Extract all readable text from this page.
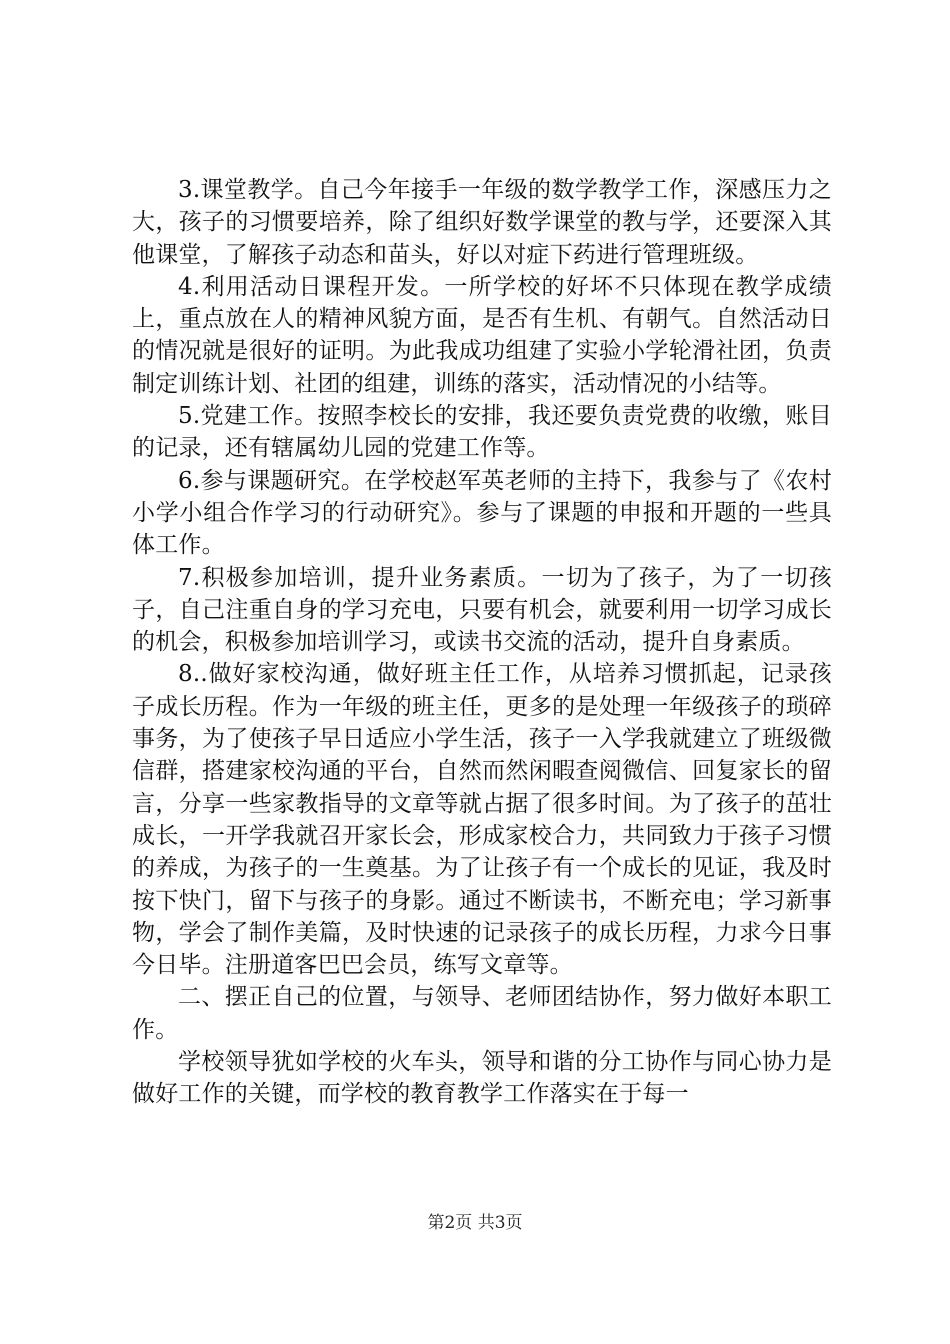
3.课堂教学。自己今年接手一年级的数学教学工作，深感压力之大，孩子的习惯要培养，除了组织好数学课堂的教与学，还要深入其他课堂，了解孩子动态和苗头，好以对症下药进行管理班级。

4.利用活动日课程开发。一所学校的好坏不只体现在教学成绩上，重点放在人的精神风貌方面，是否有生机、有朝气。自然活动日的情况就是很好的证明。为此我成功组建了实验小学轮滑社团，负责制定训练计划、社团的组建，训练的落实，活动情况的小结等。

5.党建工作。按照李校长的安排，我还要负责党费的收缴，账目的记录，还有辖属幼儿园的党建工作等。

6.参与课题研究。在学校赵军英老师的主持下，我参与了《农村小学小组合作学习的行动研究》。参与了课题的申报和开题的一些具体工作。

7.积极参加培训，提升业务素质。一切为了孩子，为了一切孩子，自己注重自身的学习充电，只要有机会，就要利用一切学习成长的机会，积极参加培训学习，或读书交流的活动，提升自身素质。

8..做好家校沟通，做好班主任工作，从培养习惯抓起，记录孩子成长历程。作为一年级的班主任，更多的是处理一年级孩子的琐碎事务，为了使孩子早日适应小学生活，孩子一入学我就建立了班级微信群，搭建家校沟通的平台，自然而然闲暇查阅微信、回复家长的留言，分享一些家教指导的文章等就占据了很多时间。为了孩子的茁壮成长，一开学我就召开家长会，形成家校合力，共同致力于孩子习惯的养成，为孩子的一生奠基。为了让孩子有一个成长的见证，我及时按下快门，留下与孩子的身影。通过不断读书，不断充电；学习新事物，学会了制作美篇，及时快速的记录孩子的成长历程，力求今日事今日毕。注册道客巴巴会员，练写文章等。

二、摆正自己的位置，与领导、老师团结协作，努力做好本职工作。

学校领导犹如学校的火车头，领导和谐的分工协作与同心协力是做好工作的关键，而学校的教育教学工作落实在于每一

第2页 共3页
